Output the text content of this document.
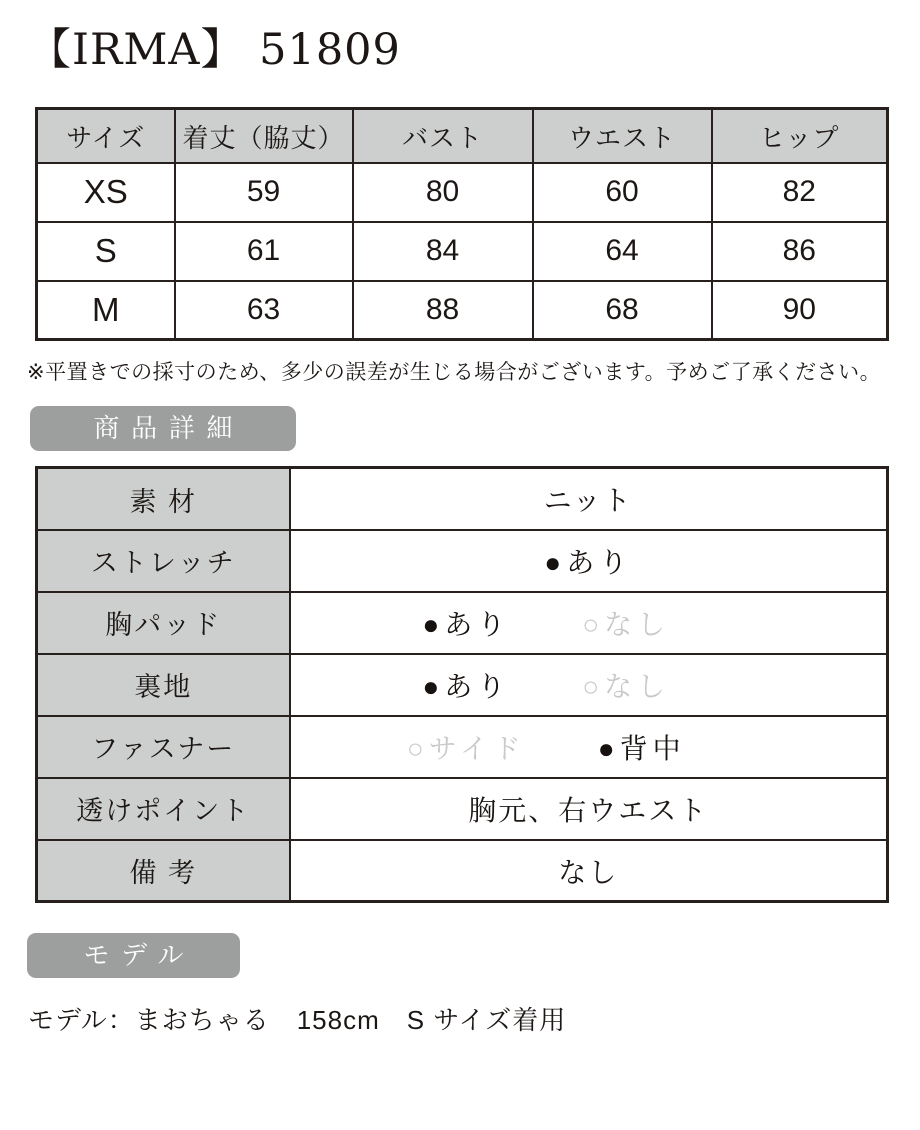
【IRMA】 51809
サイズ	着丈（脇丈）	バスト	ウエスト	ヒップ
XS	59	80	60	82
S	61	84	64	86
M	63	88	68	90
※平置きでの採寸のため、多少の誤差が生じる場合がございます。予めご了承ください。
商品詳細
素 材	ニット
ストレッチ	●あり
胸パッド	●あり ○なし

裏地	●あり ○なし

ファスナー	○サイド ●背中

透けポイント	胸元、右ウエスト
備 考	なし
モデル
モデル：まおちゃる　158cm　S サイズ着用
